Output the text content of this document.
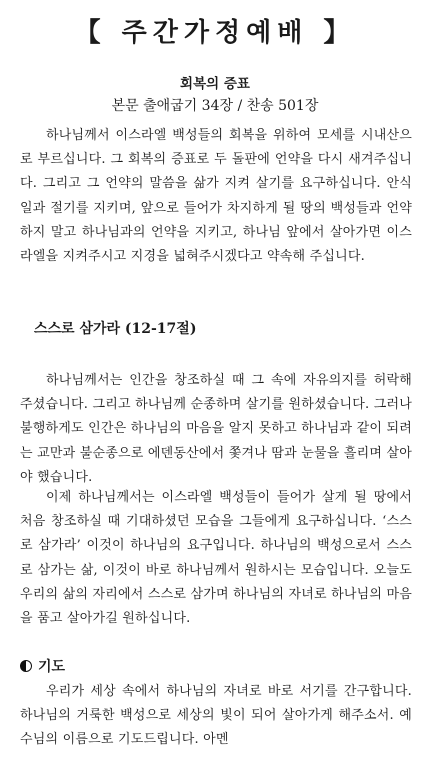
【 주간가정예배 】
회복의 증표
본문 출애굽기 34장 / 찬송 501장

하나님께서 이스라엘 백성들의 회복을 위하여 모세를 시내산으로 부르십니다. 그 회복의 증표로 두 돌판에 언약을 다시 새겨주십니다. 그리고 그 언약의 말씀을 삶가 지켜 살기를 요구하십니다. 안식일과 절기를 지키며, 앞으로 들어가 차지하게 될 땅의 백성들과 언약하지 말고 하나님과의 언약을 지키고, 하나님 앞에서 살아가면 이스라엘을 지켜주시고 지경을 넓혀주시겠다고 약속해 주십니다.

스스로 삼가라 (12-17절)

하나님께서는 인간을 창조하실 때 그 속에 자유의지를 허락해 주셨습니다. 그리고 하나님께 순종하며 살기를 원하셨습니다. 그러나 불행하게도 인간은 하나님의 마음을 알지 못하고 하나님과 같이 되려는 교만과 불순종으로 에덴동산에서 쫓겨나 땀과 눈물을 흘리며 살아야 했습니다.

이제 하나님께서는 이스라엘 백성들이 들어가 살게 될 땅에서 처음 창조하실 때 기대하셨던 모습을 그들에게 요구하십니다. ‘스스로 삼가라’ 이것이 하나님의 요구입니다. 하나님의 백성으로서 스스로 삼가는 삶, 이것이 바로 하나님께서 원하시는 모습입니다. 오늘도 우리의 삶의 자리에서 스스로 삼가며 하나님의 자녀로 하나님의 마음을 품고 살아가길 원하십니다.

기도

우리가 세상 속에서 하나님의 자녀로 바로 서기를 간구합니다. 하나님의 거룩한 백성으로 세상의 빛이 되어 살아가게 해주소서. 예수님의 이름으로 기도드립니다. 아멘
